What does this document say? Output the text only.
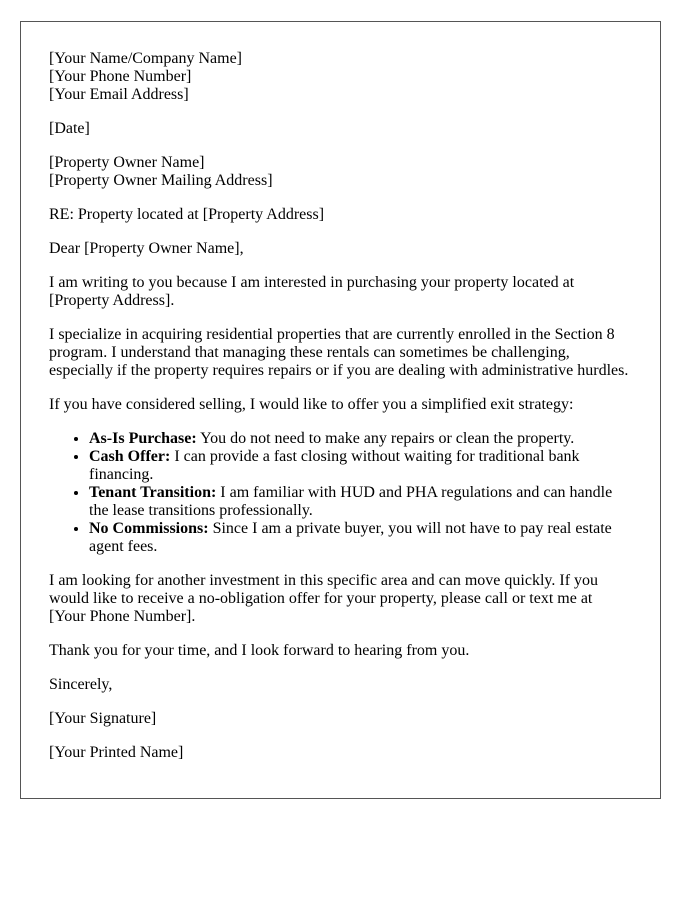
[Your Name/Company Name]
[Your Phone Number]
[Your Email Address]

[Date]

[Property Owner Name]
[Property Owner Mailing Address]

RE: Property located at [Property Address]

Dear [Property Owner Name],

I am writing to you because I am interested in purchasing your property located at [Property Address].

I specialize in acquiring residential properties that are currently enrolled in the Section 8 program. I understand that managing these rentals can sometimes be challenging, especially if the property requires repairs or if you are dealing with administrative hurdles.

If you have considered selling, I would like to offer you a simplified exit strategy:

• As-Is Purchase: You do not need to make any repairs or clean the property.
• Cash Offer: I can provide a fast closing without waiting for traditional bank financing.
• Tenant Transition: I am familiar with HUD and PHA regulations and can handle the lease transitions professionally.
• No Commissions: Since I am a private buyer, you will not have to pay real estate agent fees.

I am looking for another investment in this specific area and can move quickly. If you would like to receive a no-obligation offer for your property, please call or text me at [Your Phone Number].

Thank you for your time, and I look forward to hearing from you.

Sincerely,

[Your Signature]

[Your Printed Name]
